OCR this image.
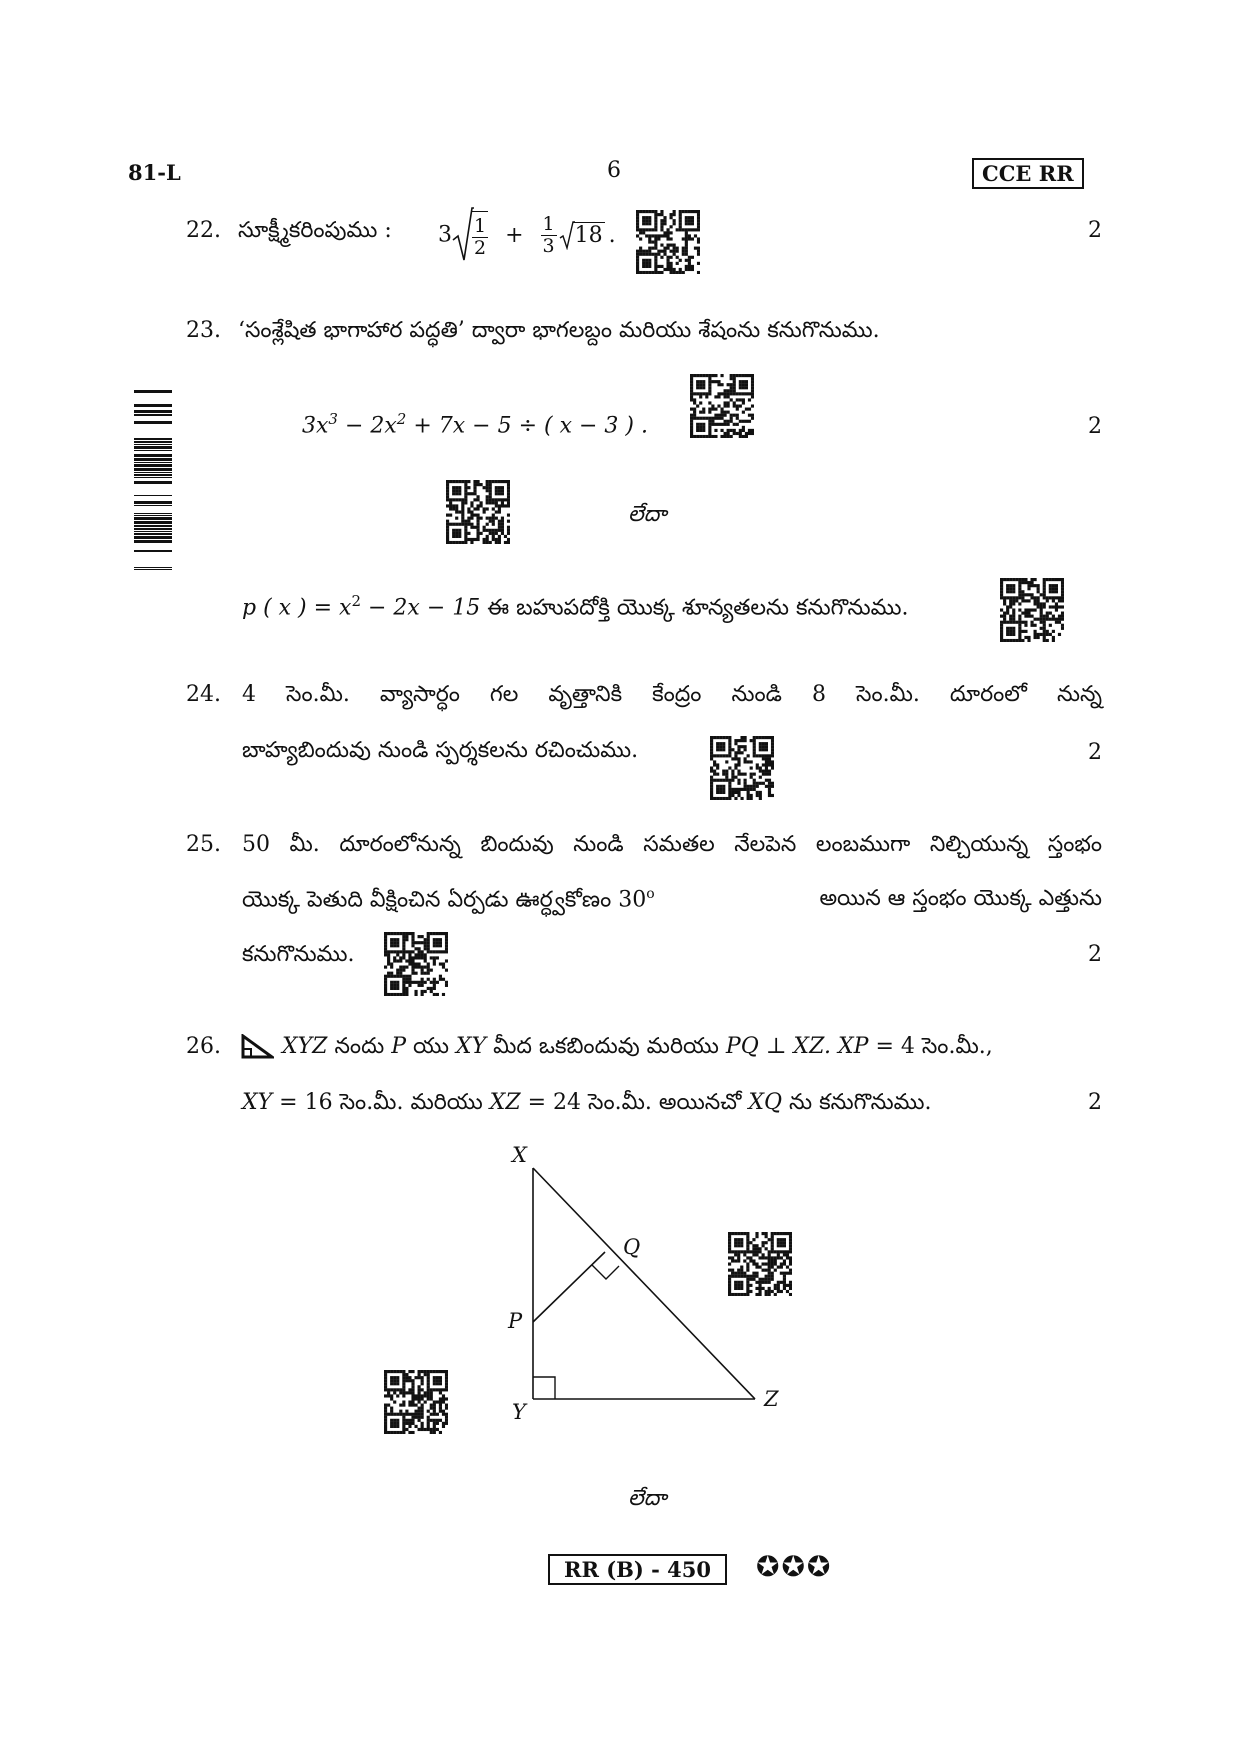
81-L	6	CCE RR
22. సూక్ష్మీకరింపుము : $3 \frac{1}{2} + \frac{1}{3} 18$ .	2
23. ‘సంశ్లేషిత భాగాహార పద్ధతి’ ద్వారా భాగలబ్దం మరియు శేషంను కనుగొనుము.
$3x^3 - 2x^2 + 7x - 5$ ÷ ( x − 3 ) .	2
లేదా
p ( x ) = $x^2 - 2x - 15$ ఈ బహుపదోక్తి యొక్క శూన్యతలను కనుగొనుము.
24. 4 సెం.మీ. వ్యాసార్ధం గల వృత్తానికి కేంద్రం నుండి 8 సెం.మీ. దూరంలో నున్న
బాహ్యబిందువు నుండి స్పర్శకలను రచించుము.	2
25. 50 మీ. దూరంలోనున్న బిందువు నుండి సమతల నేలపెన లంబముగా నిల్చియున్న స్తంభం
యొక్క పెతుది వీక్షించిన ఏర్పడు ఊర్ధ్వకోణం 30$^o$	అయిన ఆ స్తంభం యొక్క ఎత్తును
కనుగొనుము.	2
26.	XYZ నందు P యు XY మీద ఒకబిందువు మరియు PQ ⊥ XZ. XP = 4 సెం.మీ.,
XY = 16 సెం.మీ. మరియు XZ = 24 సెం.మీ. అయినచో XQ ను కనుగొనుము.	2
X
Q
P
Y
Z
లేదా
RR (B) - 450	✪✪✪
